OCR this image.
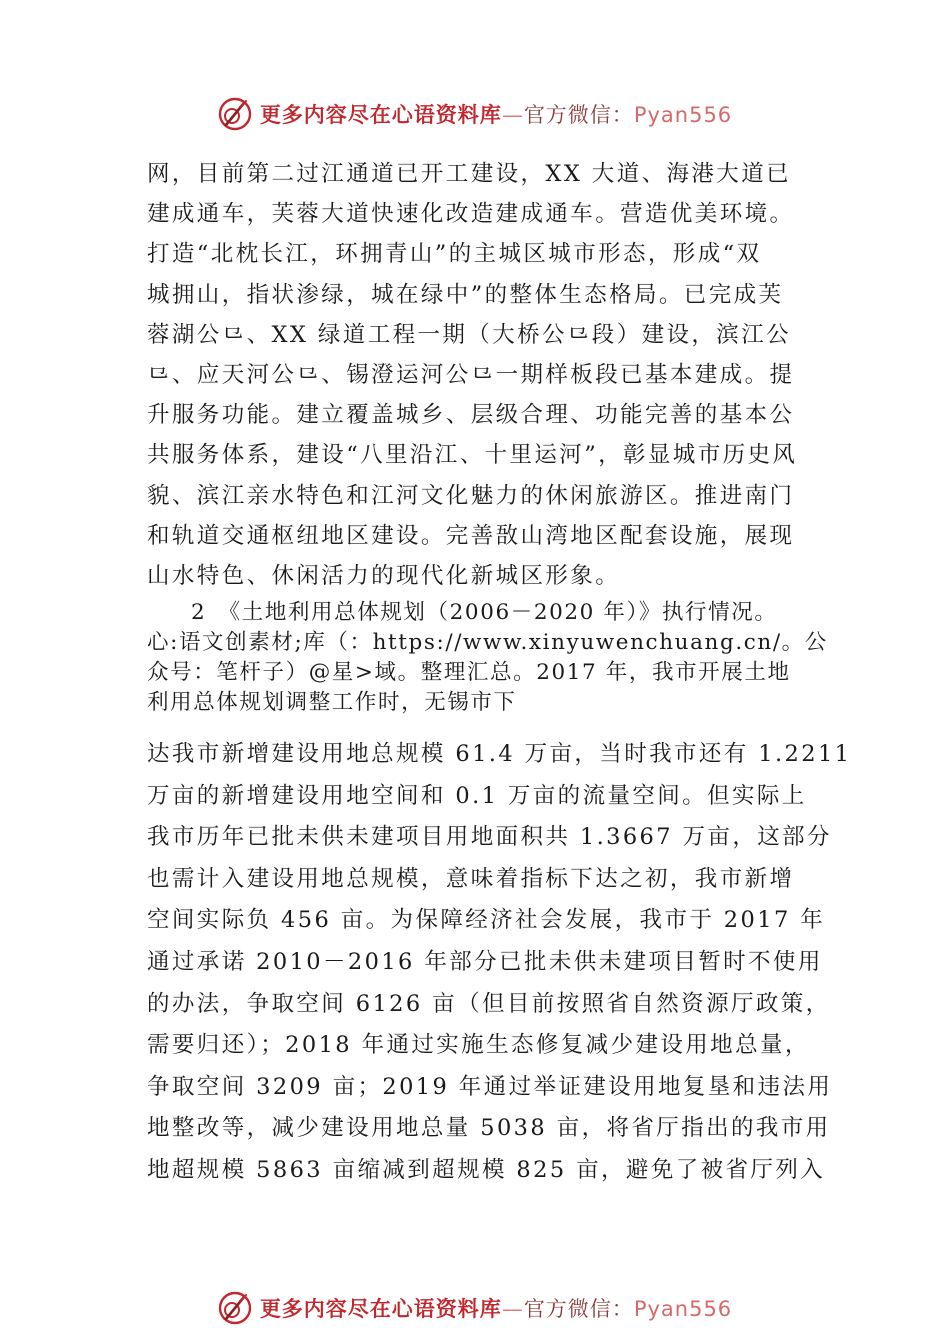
更多内容尽在心语资料库—官方微信：Pyan556

网，目前第二过江通道已开工建设，XX 大道、海港大道已

建成通车，芙蓉大道快速化改造建成通车。营造优美环境。

打造“北枕长江，环拥青山”的主城区城市形态，形成“双

城拥山，指状渗绿，城在绿中”的整体生态格局。已完成芙

蓉湖公⺋、XX 绿道工程一期（大桥公⺋段）建设，滨江公

⺋、应天河公⺋、锡澄运河公⺋一期样板段已基本建成。提

升服务功能。建立覆盖城乡、层级合理、功能完善的基本公

共服务体系，建设“八里沿江、十里运河”，彰显城市历史风

貌、滨江亲水特色和江河文化魅力的休闲旅游区。推进南门

和轨道交通枢纽地区建设。完善敔山湾地区配套设施，展现

山水特色、休闲活力的现代化新城区形象。

2　《土地利用总体规划（2006－2020 年）》执行情况。

心:语文创素材;库（：https://www.xinyuwenchuang.cn/。公

众号：笔杆子）@星>域。整理汇总。2017 年，我市开展土地

利用总体规划调整工作时，无锡市下

达我市新增建设用地总规模 61.4 万亩，当时我市还有 1.2211

万亩的新增建设用地空间和 0.1 万亩的流量空间。但实际上

我市历年已批未供未建项目用地面积共 1.3667 万亩，这部分

也需计入建设用地总规模，意味着指标下达之初，我市新增

空间实际负 456 亩。为保障经济社会发展，我市于 2017 年

通过承诺 2010－2016 年部分已批未供未建项目暂时不使用

的办法，争取空间 6126 亩（但目前按照省自然资源厅政策，

需要归还）；2018 年通过实施生态修复减少建设用地总量，

争取空间 3209 亩；2019 年通过举证建设用地复垦和违法用

地整改等，减少建设用地总量 5038 亩，将省厅指出的我市用

地超规模 5863 亩缩减到超规模 825 亩，避免了被省厅列入

更多内容尽在心语资料库—官方微信：Pyan556
